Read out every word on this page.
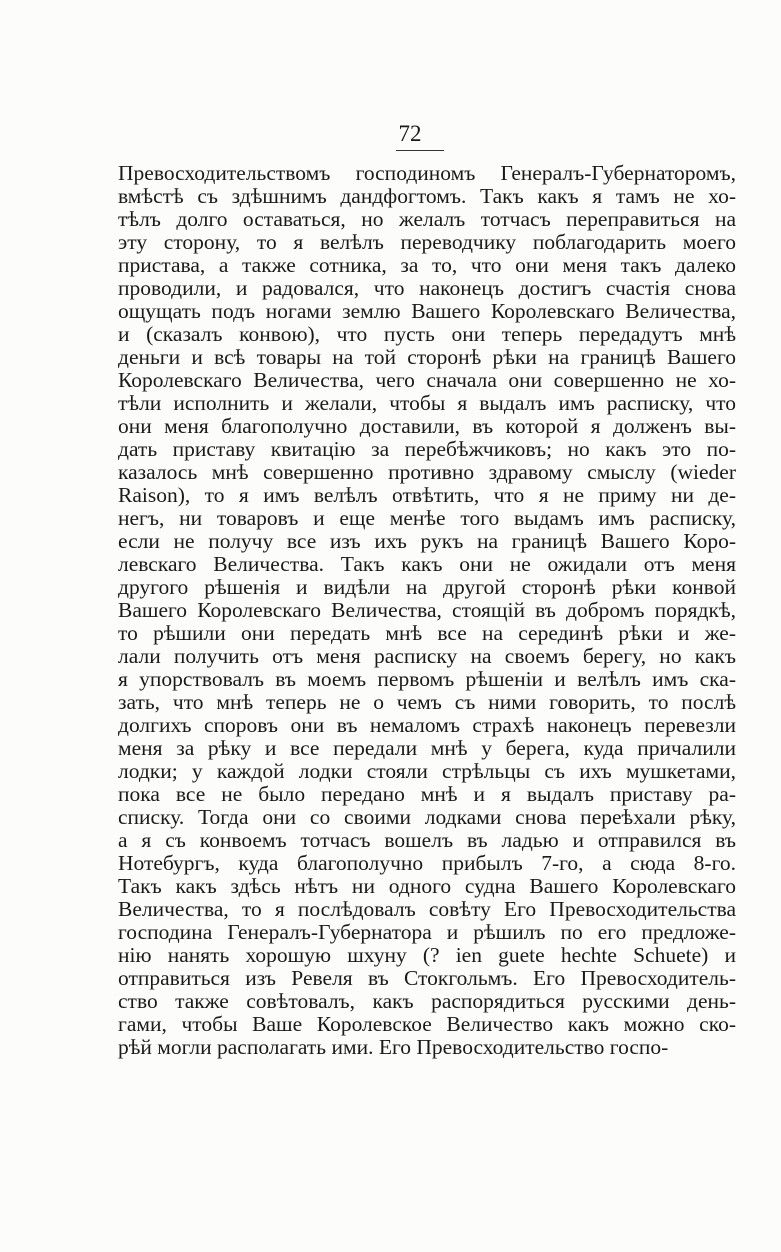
72
Превосходительствомъ господиномъ Генералъ-Губернаторомъ,
вмѣстѣ съ здѣшнимъ дандфогтомъ. Такъ какъ я тамъ не хо-
тѣлъ долго оставаться, но желалъ тотчасъ переправиться на
эту сторону, то я велѣлъ переводчику поблагодарить моего
пристава, а также сотника, за то, что они меня такъ далеко
проводили, и радовался, что наконецъ достигъ счастія снова
ощущать подъ ногами землю Вашего Королевскаго Величества,
и (сказалъ конвою), что пусть они теперь передадутъ мнѣ
деньги и всѣ товары на той сторонѣ рѣки на границѣ Вашего
Королевскаго Величества, чего сначала они совершенно не хо-
тѣли исполнить и желали, чтобы я выдалъ имъ расписку, что
они меня благополучно доставили, въ которой я долженъ вы-
дать приставу квитацію за перебѣжчиковъ; но какъ это по-
казалось мнѣ совершенно противно здравому смыслу (wieder
Raison), то я имъ велѣлъ отвѣтить, что я не приму ни де-
негъ, ни товаровъ и еще менѣе того выдамъ имъ расписку,
если не получу все изъ ихъ рукъ на границѣ Вашего Коро-
левскаго Величества. Такъ какъ они не ожидали отъ меня
другого рѣшенія и видѣли на другой сторонѣ рѣки конвой
Вашего Королевскаго Величества, стоящій въ добромъ порядкѣ,
то рѣшили они передать мнѣ все на серединѣ рѣки и же-
лали получить отъ меня расписку на своемъ берегу, но какъ
я упорствовалъ въ моемъ первомъ рѣшеніи и велѣлъ имъ ска-
зать, что мнѣ теперь не о чемъ съ ними говорить, то послѣ
долгихъ споровъ они въ немаломъ страхѣ наконецъ перевезли
меня за рѣку и все передали мнѣ у берега, куда причалили
лодки; у каждой лодки стояли стрѣльцы съ ихъ мушкетами,
пока все не было передано мнѣ и я выдалъ приставу ра-
списку. Тогда они со своими лодками снова переѣхали рѣку,
а я съ конвоемъ тотчасъ вошелъ въ ладью и отправился въ
Нотебургъ, куда благополучно прибылъ 7-го, а сюда 8-го.
Такъ какъ здѣсь нѣтъ ни одного судна Вашего Королевскаго
Величества, то я послѣдовалъ совѣту Его Превосходительства
господина Генералъ-Губернатора и рѣшилъ по его предложе-
нію нанять хорошую шхуну (? ien guete hechte Schuete) и
отправиться изъ Ревеля въ Стокгольмъ. Его Превосходитель-
ство также совѣтовалъ, какъ распорядиться русскими день-
гами, чтобы Ваше Королевское Величество какъ можно ско-
рѣй могли располагать ими. Его Превосходительство госпо-
